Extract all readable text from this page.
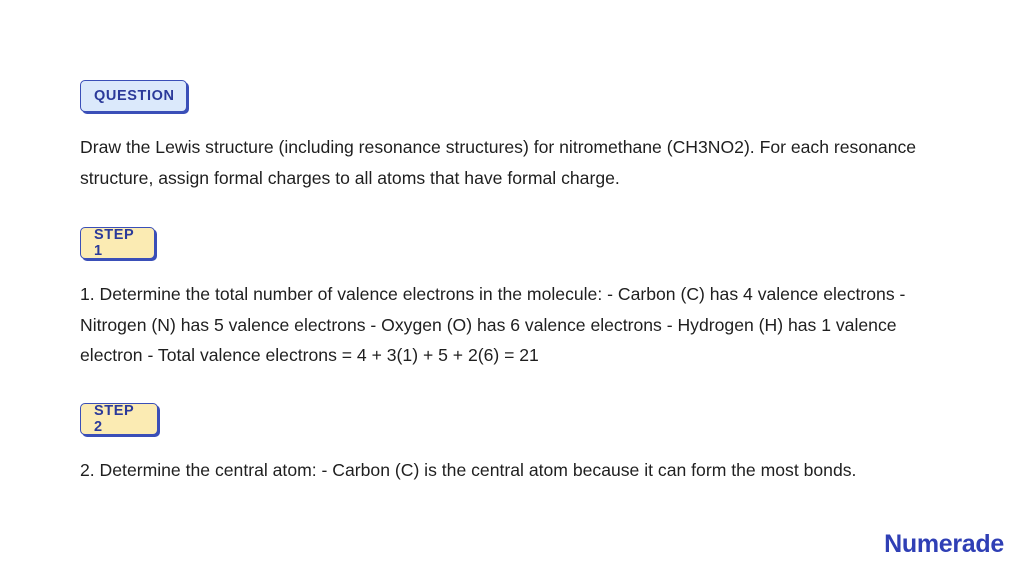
QUESTION

Draw the Lewis structure (including resonance structures) for nitromethane (CH3NO2). For each resonance structure, assign formal charges to all atoms that have formal charge.

STEP 1

1. Determine the total number of valence electrons in the molecule: - Carbon (C) has 4 valence electrons - Nitrogen (N) has 5 valence electrons - Oxygen (O) has 6 valence electrons - Hydrogen (H) has 1 valence electron - Total valence electrons = 4 + 3(1) + 5 + 2(6) = 21

STEP 2

2. Determine the central atom: - Carbon (C) is the central atom because it can form the most bonds.

Numerade
